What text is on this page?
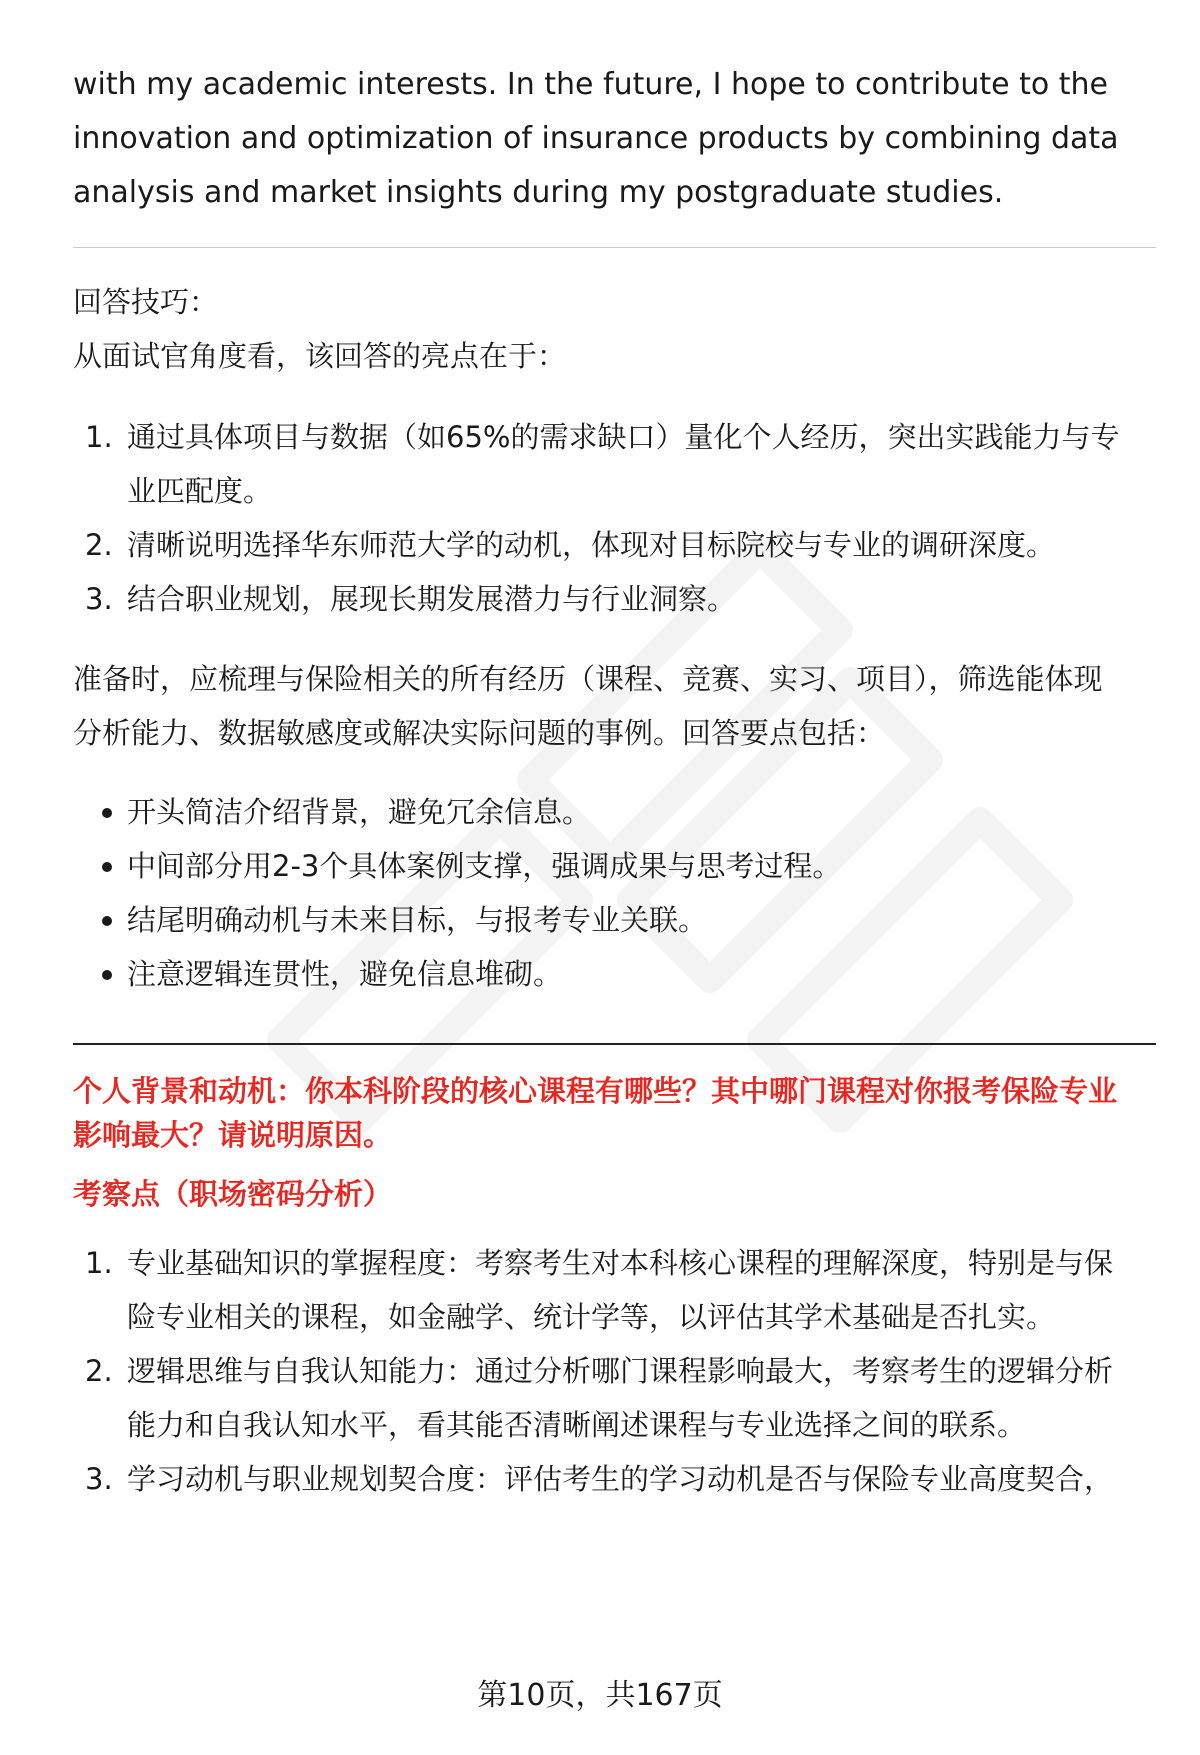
with my academic interests. In the future, I hope to contribute to the
innovation and optimization of insurance products by combining data
analysis and market insights during my postgraduate studies.
回答技巧：
从面试官角度看，该回答的亮点在于：
1. 通过具体项目与数据（如65%的需求缺口）量化个人经历，突出实践能力与专
业匹配度。
2. 清晰说明选择华东师范大学的动机，体现对目标院校与专业的调研深度。
3. 结合职业规划，展现长期发展潜力与行业洞察。
准备时，应梳理与保险相关的所有经历（课程、竞赛、实习、项目），筛选能体现
分析能力、数据敏感度或解决实际问题的事例。回答要点包括：
开头简洁介绍背景，避免冗余信息。
中间部分用2-3个具体案例支撑，强调成果与思考过程。
结尾明确动机与未来目标，与报考专业关联。
注意逻辑连贯性，避免信息堆砌。
个人背景和动机：你本科阶段的核心课程有哪些？其中哪门课程对你报考保险专业
影响最大？请说明原因。
考察点（职场密码分析）
1. 专业基础知识的掌握程度：考察考生对本科核心课程的理解深度，特别是与保
险专业相关的课程，如金融学、统计学等，以评估其学术基础是否扎实。
2. 逻辑思维与自我认知能力：通过分析哪门课程影响最大，考察考生的逻辑分析
能力和自我认知水平，看其能否清晰阐述课程与专业选择之间的联系。
3. 学习动机与职业规划契合度：评估考生的学习动机是否与保险专业高度契合，
第10页，共167页
